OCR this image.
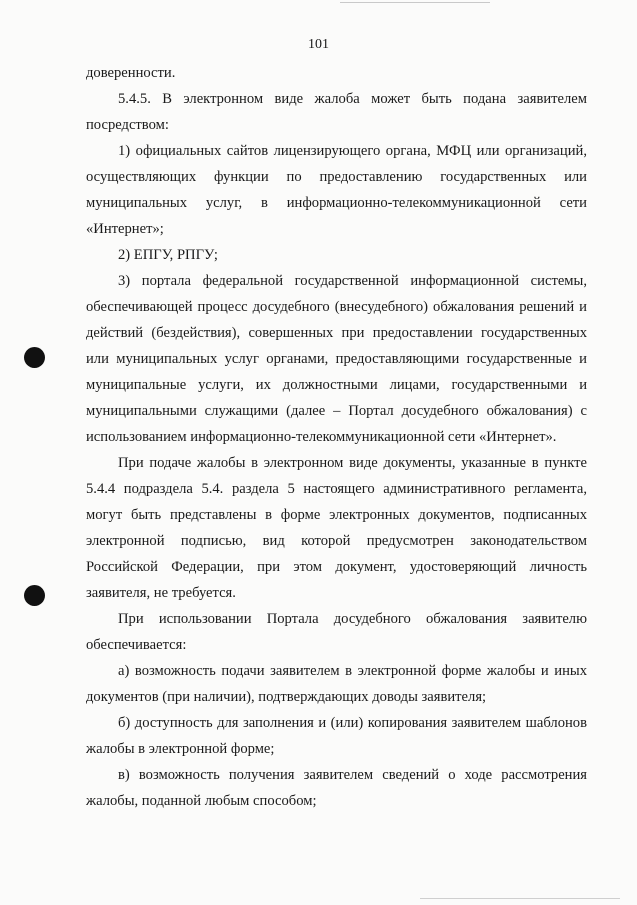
101

доверенности.

5.4.5. В электронном виде жалоба может быть подана заявителем посредством:

1) официальных сайтов лицензирующего органа, МФЦ или организаций, осуществляющих функции по предоставлению государственных или муниципальных услуг, в информационно-телекоммуникационной сети «Интернет»;

2) ЕПГУ, РПГУ;

3) портала федеральной государственной информационной системы, обеспечивающей процесс досудебного (внесудебного) обжалования решений и действий (бездействия), совершенных при предоставлении государственных или муниципальных услуг органами, предоставляющими государственные и муниципальные услуги, их должностными лицами, государственными и муниципальными служащими (далее – Портал досудебного обжалования) с использованием информационно-телекоммуникационной сети «Интернет».

При подаче жалобы в электронном виде документы, указанные в пункте 5.4.4 подраздела 5.4. раздела 5 настоящего административного регламента, могут быть представлены в форме электронных документов, подписанных электронной подписью, вид которой предусмотрен законодательством Российской Федерации, при этом документ, удостоверяющий личность заявителя, не требуется.

При использовании Портала досудебного обжалования заявителю обеспечивается:

а) возможность подачи заявителем в электронной форме жалобы и иных документов (при наличии), подтверждающих доводы заявителя;

б) доступность для заполнения и (или) копирования заявителем шаблонов жалобы в электронной форме;

в) возможность получения заявителем сведений о ходе рассмотрения жалобы, поданной любым способом;
